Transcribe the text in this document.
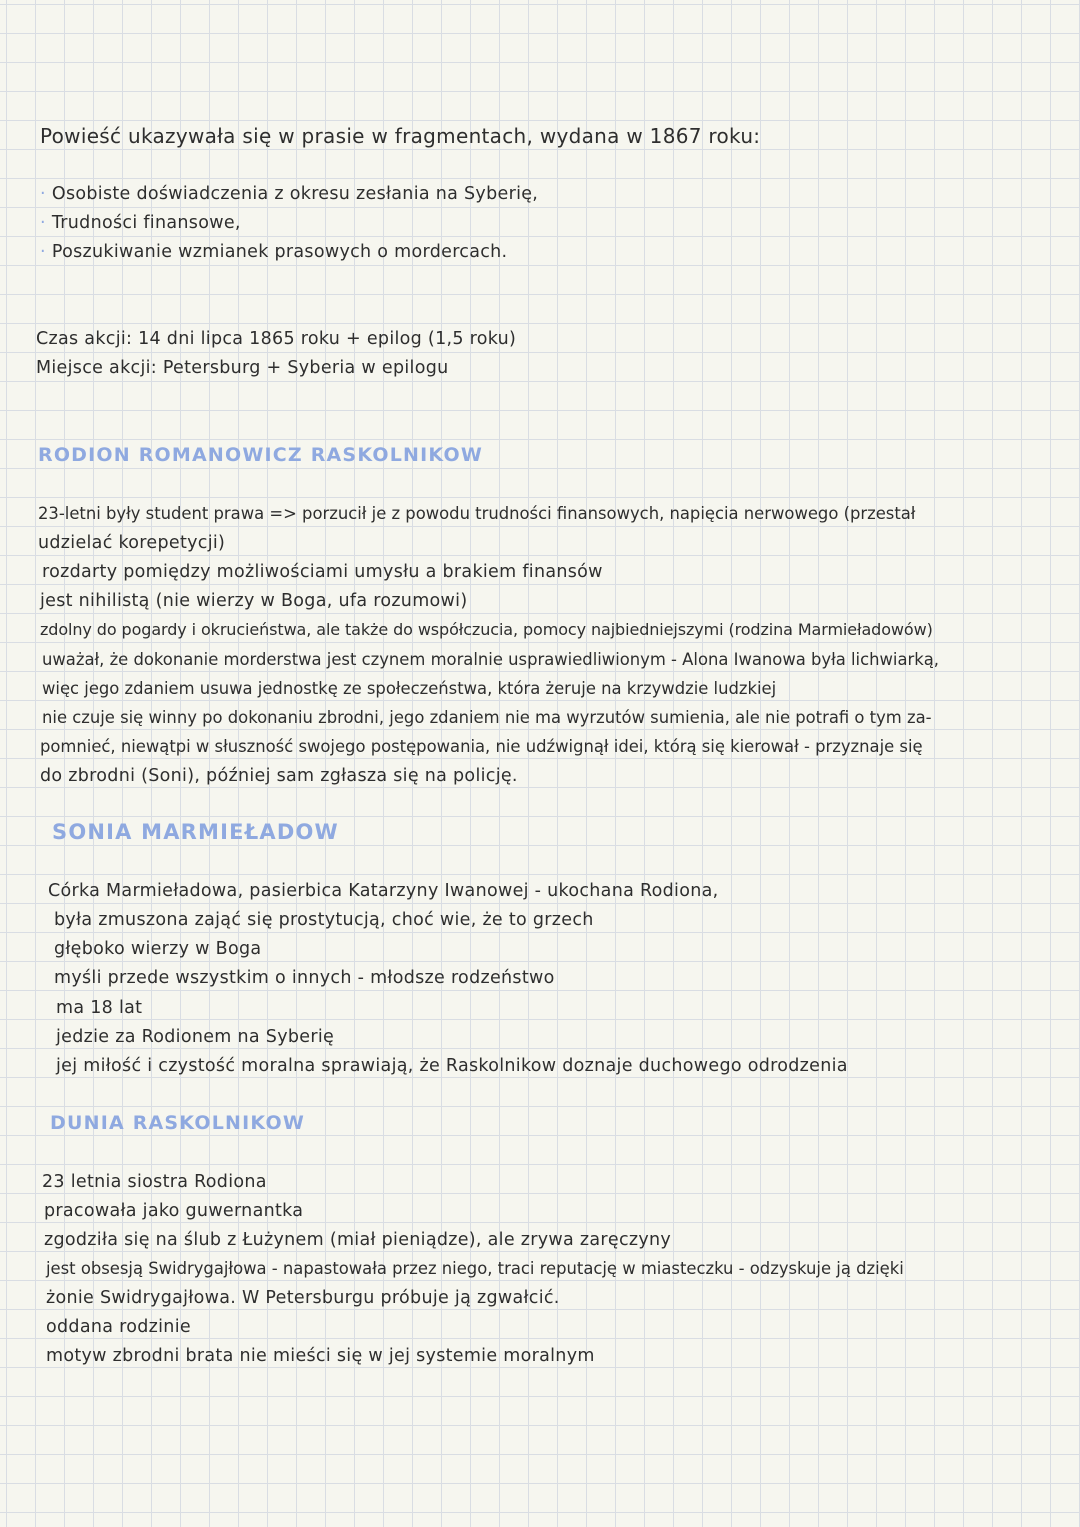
Powieść ukazywała się w prasie w fragmentach, wydana w 1867 roku:
· Osobiste doświadczenia z okresu zesłania na Syberię,
· Trudności finansowe,
· Poszukiwanie wzmianek prasowych o mordercach.
Czas akcji: 14 dni lipca 1865 roku + epilog (1,5 roku)
Miejsce akcji: Petersburg + Syberia w epilogu
RODION ROMANOWICZ RASKOLNIKOW
23-letni były student prawa => porzucił je z powodu trudności finansowych, napięcia nerwowego (przestał
udzielać korepetycji)
rozdarty pomiędzy możliwościami umysłu a brakiem finansów
jest nihilistą (nie wierzy w Boga, ufa rozumowi)
zdolny do pogardy i okrucieństwa, ale także do współczucia, pomocy najbiedniejszymi (rodzina Marmieładowów)
uważał, że dokonanie morderstwa jest czynem moralnie usprawiedliwionym - Alona Iwanowa była lichwiarką,
więc jego zdaniem usuwa jednostkę ze społeczeństwa, która żeruje na krzywdzie ludzkiej
nie czuje się winny po dokonaniu zbrodni, jego zdaniem nie ma wyrzutów sumienia, ale nie potrafi o tym za-
pomnieć, niewątpi w słuszność swojego postępowania, nie udźwignął idei, którą się kierował - przyznaje się
do zbrodni (Soni), później sam zgłasza się na policję.
SONIA MARMIEŁADOW
Córka Marmieładowa, pasierbica Katarzyny Iwanowej - ukochana Rodiona,
była zmuszona zająć się prostytucją, choć wie, że to grzech
głęboko wierzy w Boga
myśli przede wszystkim o innych - młodsze rodzeństwo
ma 18 lat
jedzie za Rodionem na Syberię
jej miłość i czystość moralna sprawiają, że Raskolnikow doznaje duchowego odrodzenia
DUNIA RASKOLNIKOW
23 letnia siostra Rodiona
pracowała jako guwernantka
zgodziła się na ślub z Łużynem (miał pieniądze), ale zrywa zaręczyny
jest obsesją Swidrygajłowa - napastowała przez niego, traci reputację w miasteczku - odzyskuje ją dzięki
żonie Swidrygajłowa. W Petersburgu próbuje ją zgwałcić.
oddana rodzinie
motyw zbrodni brata nie mieści się w jej systemie moralnym
